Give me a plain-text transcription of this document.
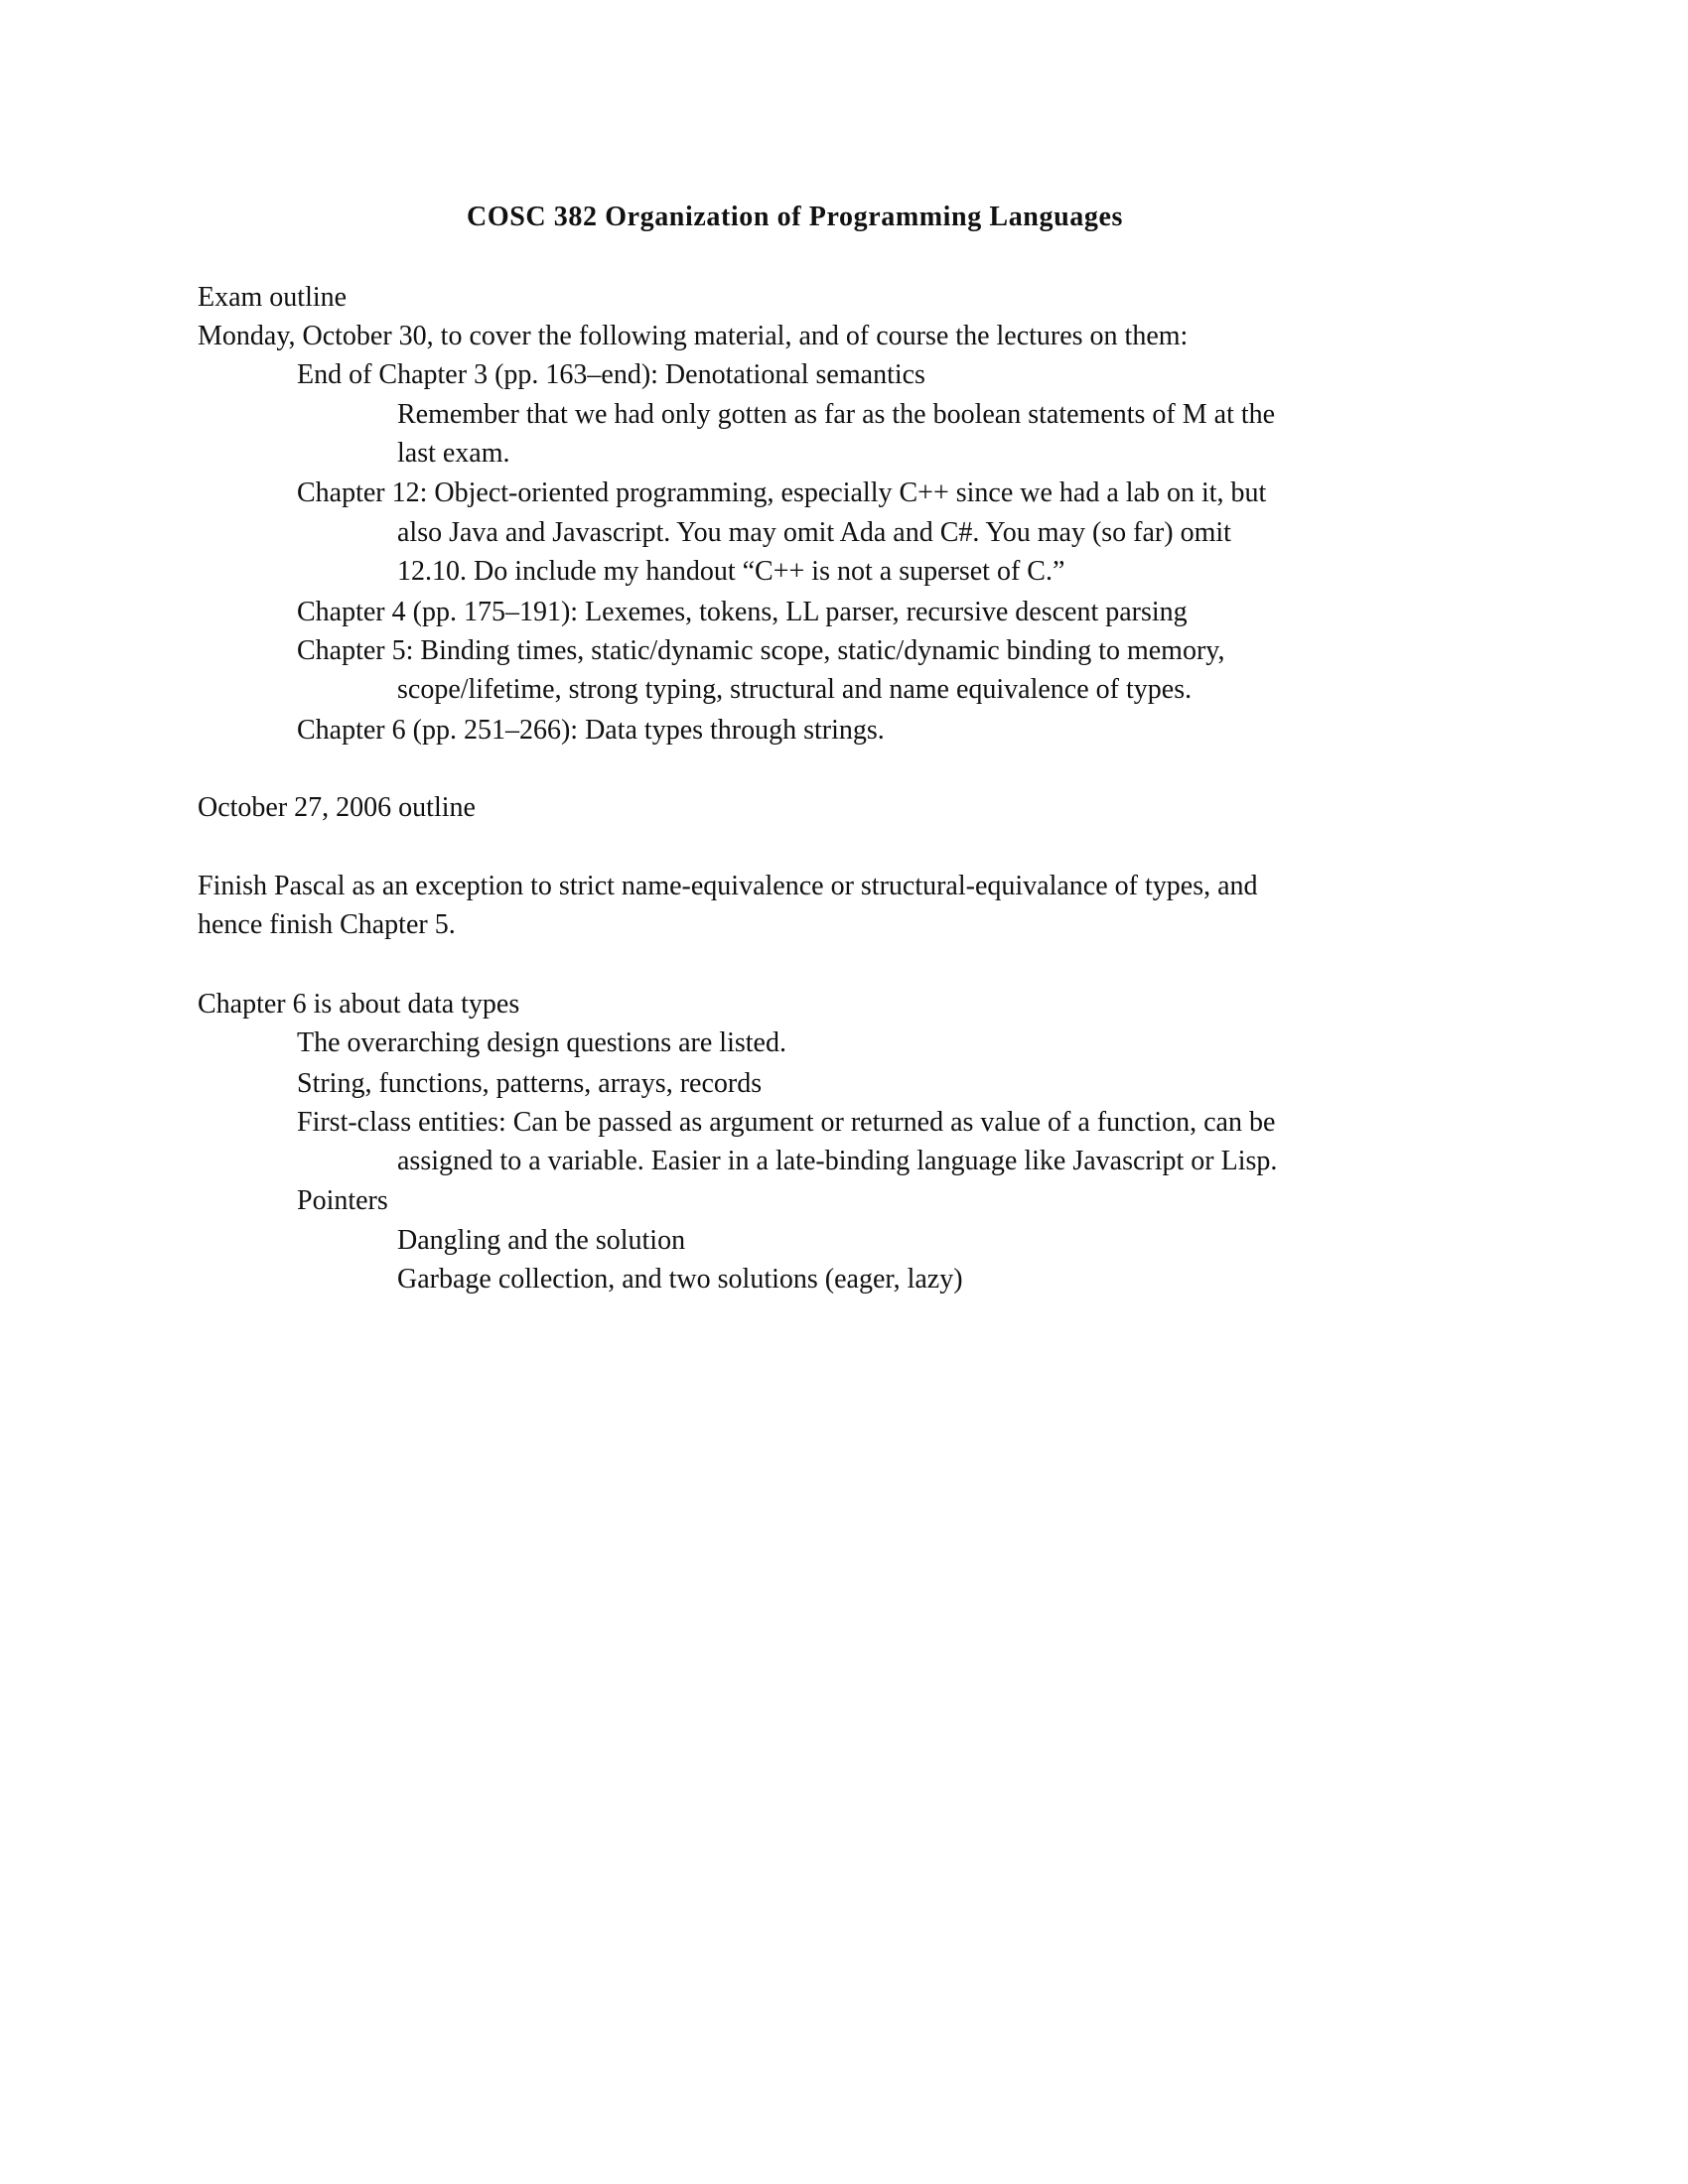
COSC 382 Organization of Programming Languages
Exam outline
Monday, October 30, to cover the following material, and of course the lectures on them:
End of Chapter 3 (pp. 163–end): Denotational semantics
Remember that we had only gotten as far as the boolean statements of M at the
last exam.
Chapter 12: Object-oriented programming, especially C++ since we had a lab on it, but
also Java and Javascript. You may omit Ada and C#. You may (so far) omit
12.10. Do include my handout “C++ is not a superset of C.”
Chapter 4 (pp. 175–191): Lexemes, tokens, LL parser, recursive descent parsing
Chapter 5: Binding times, static/dynamic scope, static/dynamic binding to memory,
scope/lifetime, strong typing, structural and name equivalence of types.
Chapter 6 (pp. 251–266): Data types through strings.
October 27, 2006 outline
Finish Pascal as an exception to strict name-equivalence or structural-equivalance of types, and
hence finish Chapter 5.
Chapter 6 is about data types
The overarching design questions are listed.
String, functions, patterns, arrays, records
First-class entities: Can be passed as argument or returned as value of a function, can be
assigned to a variable. Easier in a late-binding language like Javascript or Lisp.
Pointers
Dangling and the solution
Garbage collection, and two solutions (eager, lazy)
